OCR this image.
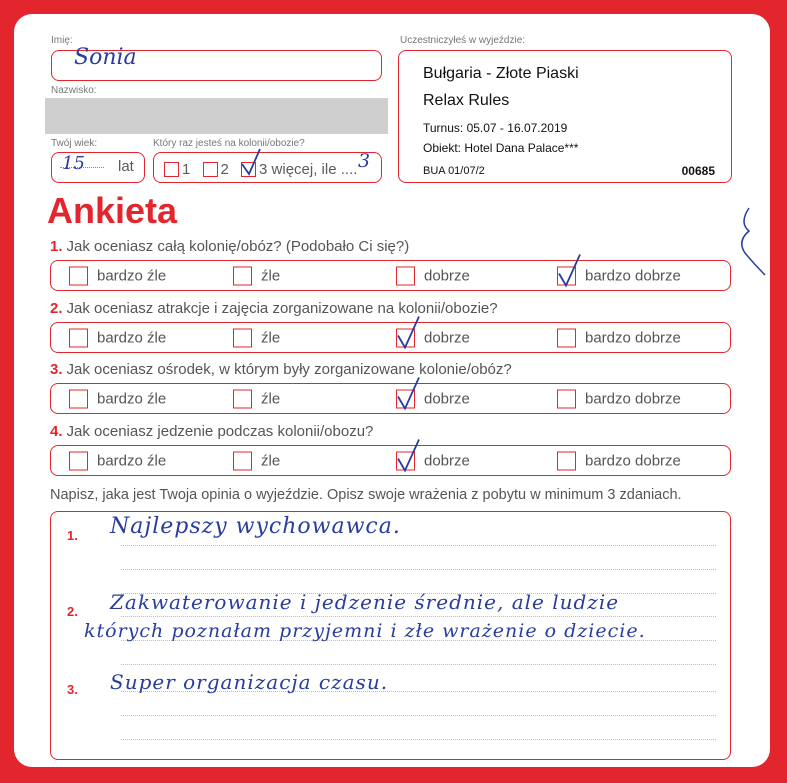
Imię:
Sonia
Nazwisko:
Twój wiek:
15 lat
Który raz jesteś na kolonii/obozie?
1 2 3 więcej, ile .... 3
Uczestniczyłeś w wyjeździe:
Bułgaria - Złote Piaski
Relax Rules
Turnus: 05.07 - 16.07.2019
Obiekt: Hotel Dana Palace***
BUA 01/07/2	00685
Ankieta
1. Jak oceniasz całą kolonię/obóz? (Podobało Ci się?)
bardzo źle	źle	dobrze	bardzo dobrze
2. Jak oceniasz atrakcje i zajęcia zorganizowane na kolonii/obozie?
bardzo źle	źle	dobrze	bardzo dobrze
3. Jak oceniasz ośrodek, w którym były zorganizowane kolonie/obóz?
bardzo źle	źle	dobrze	bardzo dobrze
4. Jak oceniasz jedzenie podczas kolonii/obozu?
bardzo źle	źle	dobrze	bardzo dobrze
Napisz, jaka jest Twoja opinia o wyjeździe. Opisz swoje wrażenia z pobytu w minimum 3 zdaniach.
1. Najlepszy wychowawca.
2. Zakwaterowanie i jedzenie średnie, ale ludzie
których poznałam przyjemni i złe wrażenie o dziecie.
3. Super organizacja czasu.
